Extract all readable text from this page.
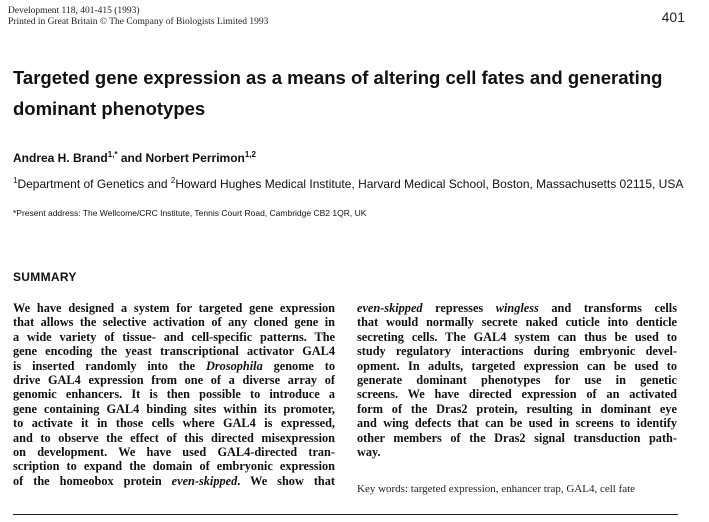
Development 118, 401-415 (1993)
Printed in Great Britain © The Company of Biologists Limited 1993	401
Targeted gene expression as a means of altering cell fates and generating dominant phenotypes
Andrea H. Brand$^{1,*}$ and Norbert Perrimon$^{1,2}$
$^1$Department of Genetics and $^2$Howard Hughes Medical Institute, Harvard Medical School, Boston, Massachusetts 02115, USA
*Present address: The Wellcome/CRC Institute, Tennis Court Road, Cambridge CB2 1QR, UK
SUMMARY
We have designed a system for targeted gene expression
that allows the selective activation of any cloned gene in
a wide variety of tissue- and cell-specific patterns. The
gene encoding the yeast transcriptional activator GAL4
is inserted randomly into the Drosophila genome to
drive GAL4 expression from one of a diverse array of
genomic enhancers. It is then possible to introduce a
gene containing GAL4 binding sites within its promoter,
to activate it in those cells where GAL4 is expressed,
and to observe the effect of this directed misexpression
on development. We have used GAL4-directed tran-
scription to expand the domain of embryonic expression
of the homeobox protein even-skipped. We show that
even-skipped represses wingless and transforms cells
that would normally secrete naked cuticle into denticle
secreting cells. The GAL4 system can thus be used to
study regulatory interactions during embryonic devel-
opment. In adults, targeted expression can be used to
generate dominant phenotypes for use in genetic
screens. We have directed expression of an activated
form of the Dras2 protein, resulting in dominant eye
and wing defects that can be used in screens to identify
other members of the Dras2 signal transduction path-
way.
Key words: targeted expression, enhancer trap, GAL4, cell fate
